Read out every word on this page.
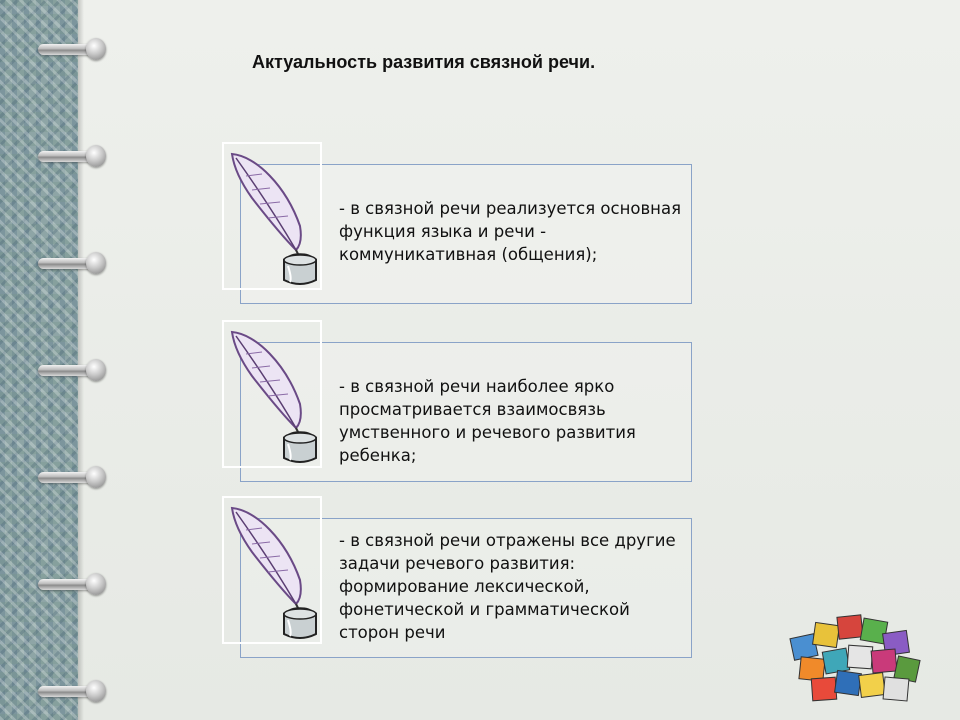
Актуальность развития связной речи.
- в связной речи реализуется основная функция языка и речи - коммуникативная (общения);
- в связной речи наиболее ярко просматривается взаимосвязь умственного и речевого развития ребенка;
- в связной речи отражены все другие задачи речевого развития: формирование лексической, фонетической и грамматической сторон речи
